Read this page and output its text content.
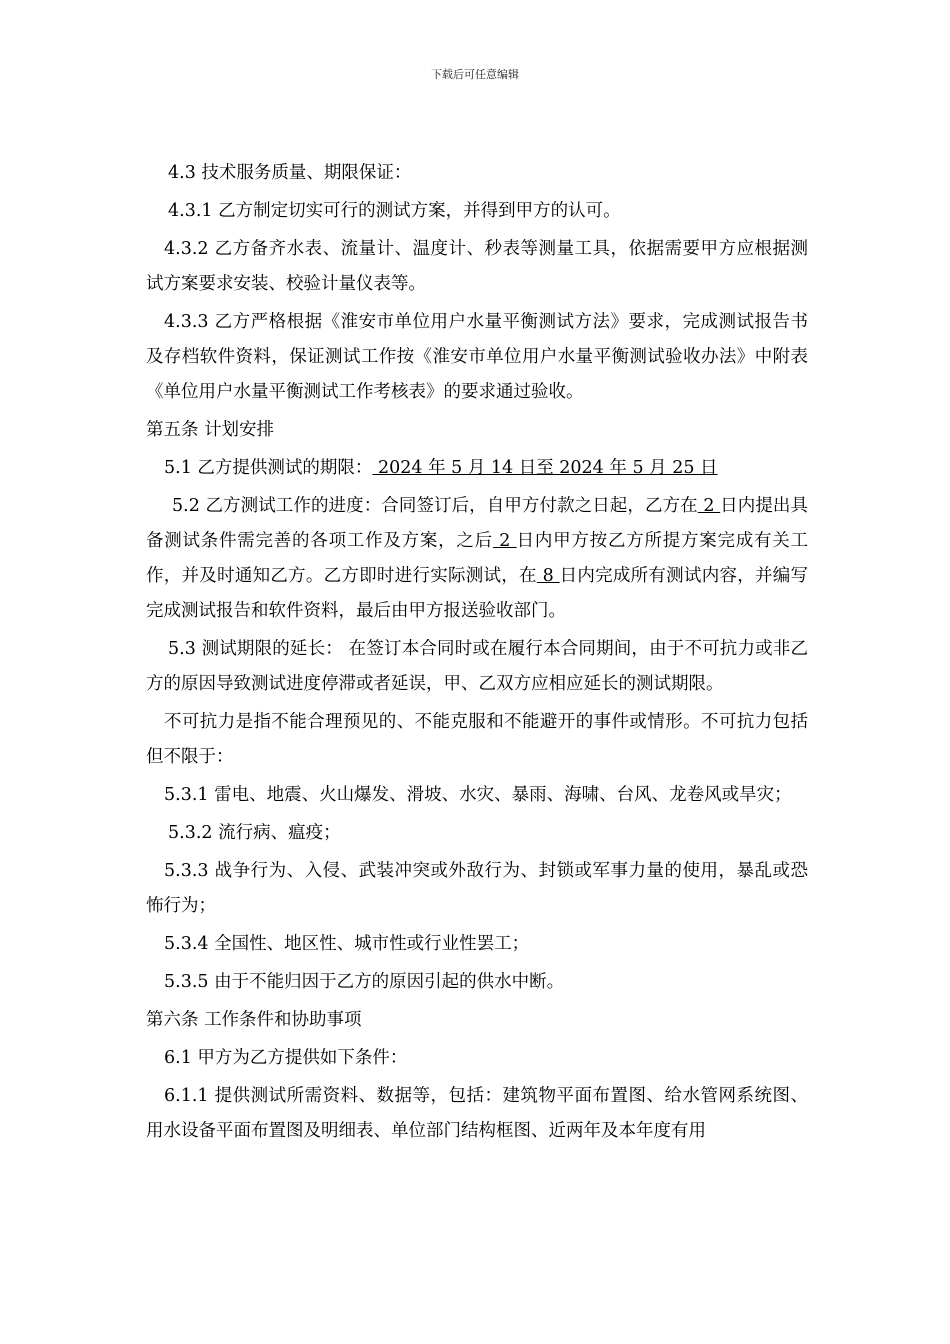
下载后可任意编辑

4.3 技术服务质量、期限保证：

4.3.1 乙方制定切实可行的测试方案，并得到甲方的认可。

4.3.2 乙方备齐水表、流量计、温度计、秒表等测量工具，依据需要甲方应根据测试方案要求安装、校验计量仪表等。

4.3.3 乙方严格根据《淮安市单位用户水量平衡测试方法》要求，完成测试报告书及存档软件资料，保证测试工作按《淮安市单位用户水量平衡测试验收办法》中附表《单位用户水量平衡测试工作考核表》的要求通过验收。

第五条 计划安排

5.1 乙方提供测试的期限： 2024 年 5 月 14 日至 2024 年 5 月 25 日

5.2 乙方测试工作的进度：合同签订后，自甲方付款之日起，乙方在 2 日内提出具备测试条件需完善的各项工作及方案，之后 2 日内甲方按乙方所提方案完成有关工作，并及时通知乙方。乙方即时进行实际测试，在 8 日内完成所有测试内容，并编写完成测试报告和软件资料，最后由甲方报送验收部门。

5.3 测试期限的延长： 在签订本合同时或在履行本合同期间，由于不可抗力或非乙方的原因导致测试进度停滞或者延误，甲、乙双方应相应延长的测试期限。

不可抗力是指不能合理预见的、不能克服和不能避开的事件或情形。不可抗力包括但不限于：

5.3.1 雷电、地震、火山爆发、滑坡、水灾、暴雨、海啸、台风、龙卷风或旱灾；

5.3.2 流行病、瘟疫；

5.3.3 战争行为、入侵、武装冲突或外敌行为、封锁或军事力量的使用，暴乱或恐怖行为；

5.3.4 全国性、地区性、城市性或行业性罢工；

5.3.5 由于不能归因于乙方的原因引起的供水中断。

第六条 工作条件和协助事项

6.1 甲方为乙方提供如下条件：

6.1.1 提供测试所需资料、数据等，包括：建筑物平面布置图、给水管网系统图、用水设备平面布置图及明细表、单位部门结构框图、近两年及本年度有用
